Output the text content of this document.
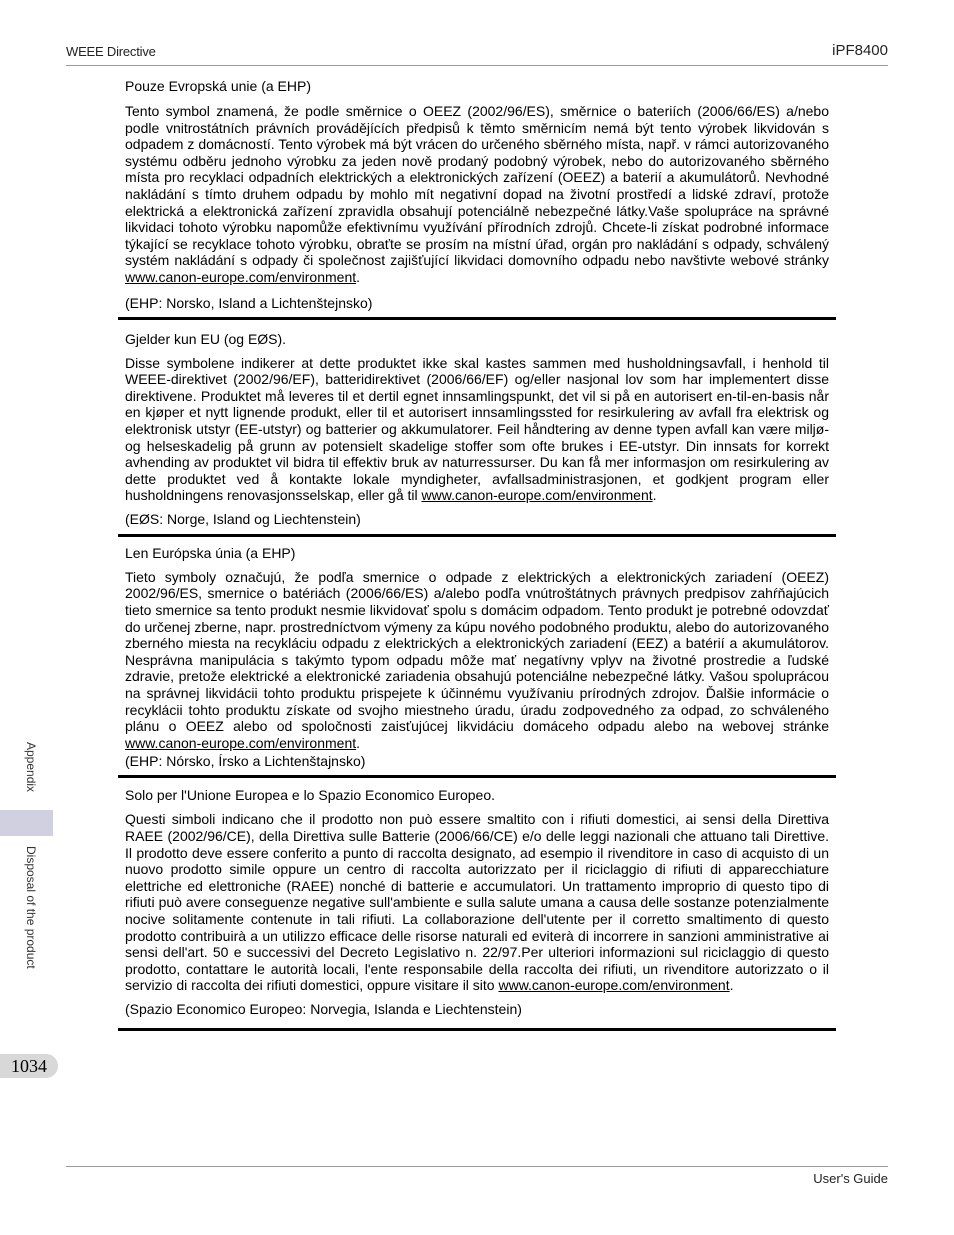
WEEE Directive	iPF8400
Appendix
Disposal of the product
1034
Pouze Evropská unie (a EHP)

Tento symbol znamená, že podle směrnice o OEEZ (2002/96/ES), směrnice o bateriích (2006/66/ES) a/nebo podle vnitrostátních právních provádějících předpisů k těmto směrnicím nemá být tento výrobek likvidován s odpadem z domácností. Tento výrobek má být vrácen do určeného sběrného místa, např. v rámci autorizovaného systému odběru jednoho výrobku za jeden nově prodaný podobný výrobek, nebo do autorizovaného sběrného místa pro recyklaci odpadních elektrických a elektronických zařízení (OEEZ) a baterií a akumulátorů. Nevhodné nakládání s tímto druhem odpadu by mohlo mít negativní dopad na životní prostředí a lidské zdraví, protože elektrická a elektronická zařízení zpravidla obsahují potenciálně nebezpečné látky.Vaše spolupráce na správné likvidaci tohoto výrobku napomůže efektivnímu využívání přírodních zdrojů. Chcete-li získat podrobné informace týkající se recyklace tohoto výrobku, obraťte se prosím na místní úřad, orgán pro nakládání s odpady, schválený systém nakládání s odpady či společnost zajišťující likvidaci domovního odpadu nebo navštivte webové stránky www.canon-europe.com/environment.

(EHP: Norsko, Island a Lichtenštejnsko)
Gjelder kun EU (og EØS).

Disse symbolene indikerer at dette produktet ikke skal kastes sammen med husholdningsavfall, i henhold til WEEE-direktivet (2002/96/EF), batteridirektivet (2006/66/EF) og/eller nasjonal lov som har implementert disse direktivene. Produktet må leveres til et dertil egnet innsamlingspunkt, det vil si på en autorisert en-til-en-basis når en kjøper et nytt lignende produkt, eller til et autorisert innsamlingssted for resirkulering av avfall fra elektrisk og elektronisk utstyr (EE-utstyr) og batterier og akkumulatorer. Feil håndtering av denne typen avfall kan være miljø- og helseskadelig på grunn av potensielt skadelige stoffer som ofte brukes i EE-utstyr. Din innsats for korrekt avhending av produktet vil bidra til effektiv bruk av naturressurser. Du kan få mer informasjon om resirkulering av dette produktet ved å kontakte lokale myndigheter, avfallsadministrasjonen, et godkjent program eller husholdningens renovasjonsselskap, eller gå til www.canon-europe.com/environment.

(EØS: Norge, Island og Liechtenstein)
Len Európska únia (a EHP)

Tieto symboly označujú, že podľa smernice o odpade z elektrických a elektronických zariadení (OEEZ) 2002/96/ES, smernice o batériách (2006/66/ES) a/alebo podľa vnútroštátnych právnych predpisov zahŕňajúcich tieto smernice sa tento produkt nesmie likvidovať spolu s domácim odpadom. Tento produkt je potrebné odovzdať do určenej zberne, napr. prostredníctvom výmeny za kúpu nového podobného produktu, alebo do autorizovaného zberného miesta na recykláciu odpadu z elektrických a elektronických zariadení (EEZ) a batérií a akumulátorov. Nesprávna manipulácia s takýmto typom odpadu môže mať negatívny vplyv na životné prostredie a ľudské zdravie, pretože elektrické a elektronické zariadenia obsahujú potenciálne nebezpečné látky. Vašou spoluprácou na správnej likvidácii tohto produktu prispejete k účinnému využívaniu prírodných zdrojov. Ďalšie informácie o recyklácii tohto produktu získate od svojho miestneho úradu, úradu zodpovedného za odpad, zo schváleného plánu o OEEZ alebo od spoločnosti zaisťujúcej likvidáciu domáceho odpadu alebo na webovej stránke www.canon-europe.com/environment.

(EHP: Nórsko, Írsko a Lichtenštajnsko)
Solo per l'Unione Europea e lo Spazio Economico Europeo.

Questi simboli indicano che il prodotto non può essere smaltito con i rifiuti domestici, ai sensi della Direttiva RAEE (2002/96/CE), della Direttiva sulle Batterie (2006/66/CE) e/o delle leggi nazionali che attuano tali Direttive. Il prodotto deve essere conferito a punto di raccolta designato, ad esempio il rivenditore in caso di acquisto di un nuovo prodotto simile oppure un centro di raccolta autorizzato per il riciclaggio di rifiuti di apparecchiature elettriche ed elettroniche (RAEE) nonché di batterie e accumulatori. Un trattamento improprio di questo tipo di rifiuti può avere conseguenze negative sull'ambiente e sulla salute umana a causa delle sostanze potenzialmente nocive solitamente contenute in tali rifiuti. La collaborazione dell'utente per il corretto smaltimento di questo prodotto contribuirà a un utilizzo efficace delle risorse naturali ed eviterà di incorrere in sanzioni amministrative ai sensi dell'art. 50 e successivi del Decreto Legislativo n. 22/97.Per ulteriori informazioni sul riciclaggio di questo prodotto, contattare le autorità locali, l'ente responsabile della raccolta dei rifiuti, un rivenditore autorizzato o il servizio di raccolta dei rifiuti domestici, oppure visitare il sito www.canon-europe.com/environment.

(Spazio Economico Europeo: Norvegia, Islanda e Liechtenstein)
User's Guide
